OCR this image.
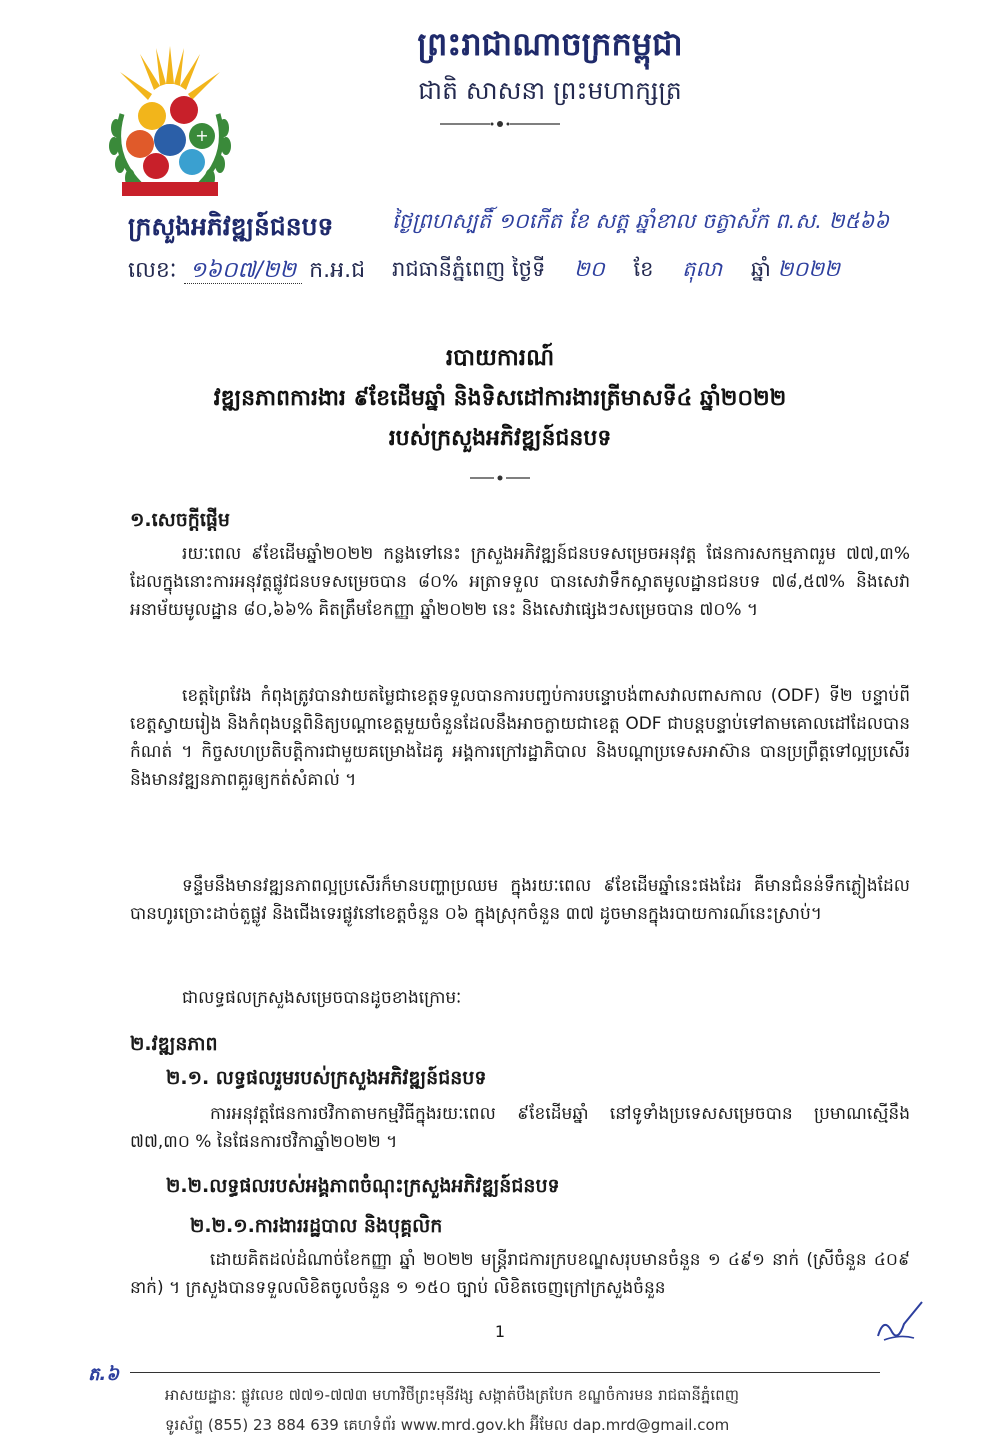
+
ព្រះរាជាណាចក្រកម្ពុជា
ជាតិ សាសនា ព្រះមហាក្សត្រ
ក្រសួងអភិវឌ្ឍន៍ជនបទ
លេខៈ ១៦០៧/២២ ក.អ.ជ
ថ្ងៃព្រហស្បតិ៍ ១០កើត ខែ សត្ត ឆ្នាំខាល ចត្វាស័ក ព.ស. ២៥៦៦
រាជធានីភ្នំពេញ ថ្ងៃទី ២០ ខែ តុលា ឆ្នាំ ២០២២
របាយការណ៍
វឌ្ឍនភាពការងារ ៩ខែដើមឆ្នាំ និងទិសដៅការងារត្រីមាសទី៤ ឆ្នាំ២០២២
របស់ក្រសួងអភិវឌ្ឍន៍ជនបទ
១.សេចក្តីផ្តើម
រយៈពេល ៩ខែដើមឆ្នាំ២០២២ កន្លងទៅនេះ ក្រសួងអភិវឌ្ឍន៍ជនបទសម្រេចអនុវត្ត ផែនការសកម្មភាពរួម ៧៧,៣% ដែលក្នុងនោះការអនុវត្តផ្លូវជនបទសម្រេចបាន ៨០% អត្រាទទួល បានសេវាទឹកស្អាតមូលដ្ឋានជនបទ ៧៨,៥៧% និងសេវាអនាម័យមូលដ្ឋាន ៨០,៦៦% គិតត្រឹមខែកញ្ញា ឆ្នាំ២០២២ នេះ និងសេវាផ្សេងៗសម្រេចបាន ៧០% ។
ខេត្តព្រៃវែង កំពុងត្រូវបានវាយតម្លៃជាខេត្តទទួលបានការបញ្ចប់ការបន្ទោបង់ពាសវាលពាសកាល (ODF) ទី២ បន្ទាប់ពីខេត្តស្វាយរៀង និងកំពុងបន្តពិនិត្យបណ្តាខេត្តមួយចំនួនដែលនឹងអាចក្លាយជាខេត្ត ODF ជាបន្តបន្ទាប់ទៅតាមគោលដៅដែលបានកំណត់ ។ កិច្ចសហប្រតិបត្តិការជាមួយគម្រោងដៃគូ អង្គការក្រៅរដ្ឋាភិបាល និងបណ្តាប្រទេសអាស៊ាន បានប្រព្រឹត្តទៅល្អប្រសើរ និងមានវឌ្ឍនភាពគួរឲ្យកត់សំគាល់ ។
ទន្ទឹមនឹងមានវឌ្ឍនភាពល្អប្រសើរក៏មានបញ្ហាប្រឈម ក្នុងរយៈពេល ៩ខែដើមឆ្នាំនេះផងដែរ គឺមានជំនន់ទឹកភ្លៀងដែលបានហូរច្រោះដាច់តួផ្លូវ និងជើងទេរផ្លូវនៅខេត្តចំនួន ០៦ ក្នុងស្រុកចំនួន ៣៧ ដូចមានក្នុងរបាយការណ៍នេះស្រាប់។
ជាលទ្ធផលក្រសួងសម្រេចបានដូចខាងក្រោមៈ
២.វឌ្ឍនភាព
២.១. លទ្ធផលរួមរបស់ក្រសួងអភិវឌ្ឍន៍ជនបទ
ការអនុវត្តផែនការថវិកាតាមកម្មវិធីក្នុងរយៈពេល ៩ខែដើមឆ្នាំ នៅទូទាំងប្រទេសសម្រេចបាន ប្រមាណស្មើនឹង ៧៧,៣០ % នៃផែនការថវិកាឆ្នាំ២០២២ ។
២.២.លទ្ធផលរបស់អង្គភាពចំណុះក្រសួងអភិវឌ្ឍន៍ជនបទ
២.២.១.ការងាររដ្ឋបាល និងបុគ្គលិក
ដោយគិតដល់ដំណាច់ខែកញ្ញា ឆ្នាំ ២០២២ មន្ត្រីរាជការក្របខណ្ឌសរុបមានចំនួន ១ ៤៩១ នាក់ (ស្រីចំនួន ៤០៩ នាក់) ។ ក្រសួងបានទទួលលិខិតចូលចំនួន ១ ១៥០ ច្បាប់ លិខិតចេញក្រៅក្រសួងចំនួន
1
ត.៦
អាសយដ្ឋានៈ ផ្លូវលេខ ៧៧១-៧៧៣ មហាវិថីព្រះមុនីវង្ស សង្កាត់បឹងត្របែក ខណ្ឌចំការមន រាជធានីភ្នំពេញ
ទូរស័ព្ទ (855) 23 884 639 គេហទំព័រ www.mrd.gov.kh អ៊ីមែល dap.mrd@gmail.com
